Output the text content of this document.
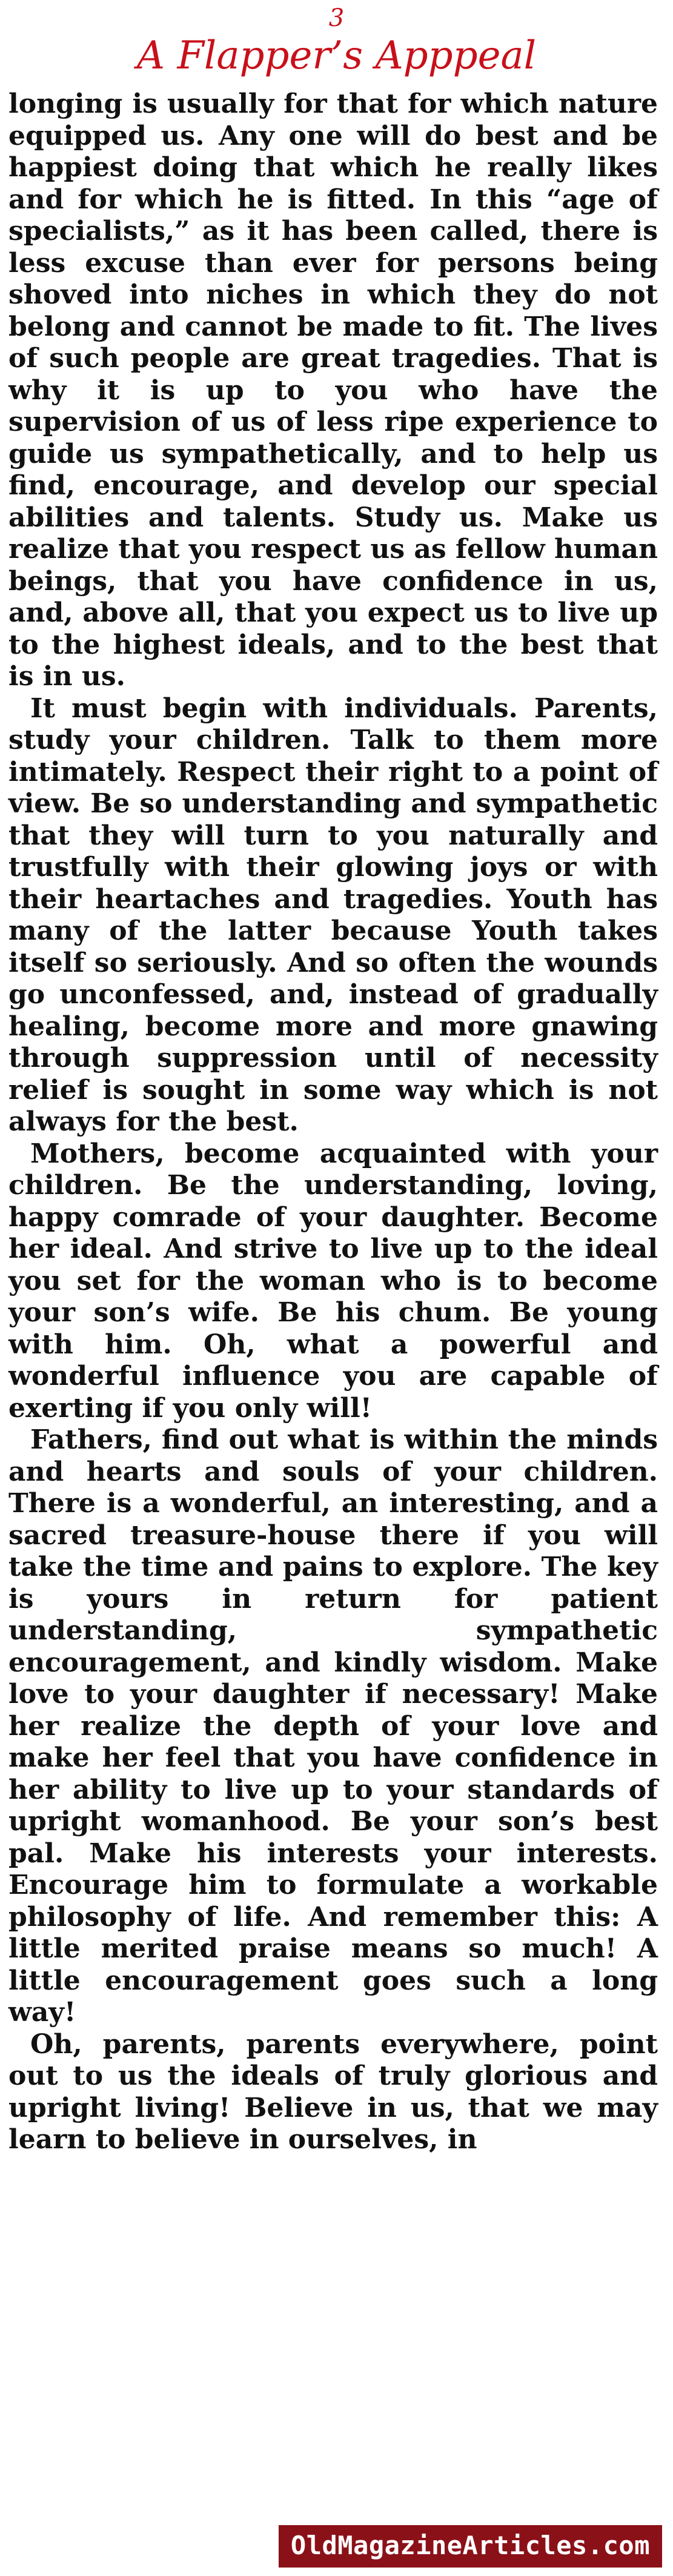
3
A Flapper’s Apppeal

longing is usually for that for which nature equipped us. Any one will do best and be happiest doing that which he really likes and for which he is fitted. In this “age of specialists,” as it has been called, there is less excuse than ever for persons being shoved into niches in which they do not belong and cannot be made to fit. The lives of such people are great tragedies. That is why it is up to you who have the supervision of us of less ripe experience to guide us sympathetically, and to help us find, encourage, and develop our special abilities and talents. Study us. Make us realize that you respect us as fellow human beings, that you have confidence in us, and, above all, that you expect us to live up to the highest ideals, and to the best that is in us.

It must begin with individuals. Parents, study your children. Talk to them more intimately. Respect their right to a point of view. Be so understanding and sympathetic that they will turn to you naturally and trustfully with their glowing joys or with their heartaches and tragedies. Youth has many of the latter because Youth takes itself so seriously. And so often the wounds go unconfessed, and, instead of gradually healing, become more and more gnawing through suppression until of necessity relief is sought in some way which is not always for the best.

Mothers, become acquainted with your children. Be the understanding, loving, happy comrade of your daughter. Become her ideal. And strive to live up to the ideal you set for the woman who is to become your son’s wife. Be his chum. Be young with him. Oh, what a powerful and wonderful influence you are capable of exerting if you only will!

Fathers, find out what is within the minds and hearts and souls of your children. There is a wonderful, an interesting, and a sacred treasure-house there if you will take the time and pains to explore. The key is yours in return for patient understanding, sympathetic encouragement, and kindly wisdom. Make love to your daughter if necessary! Make her realize the depth of your love and make her feel that you have confidence in her ability to live up to your standards of upright womanhood. Be your son’s best pal. Make his interests your interests. Encourage him to formulate a workable philosophy of life. And remember this: A little merited praise means so much! A little encouragement goes such a long way!

Oh, parents, parents everywhere, point out to us the ideals of truly glorious and upright living! Believe in us, that we may learn to believe in ourselves, in

OldMagazineArticles.com
